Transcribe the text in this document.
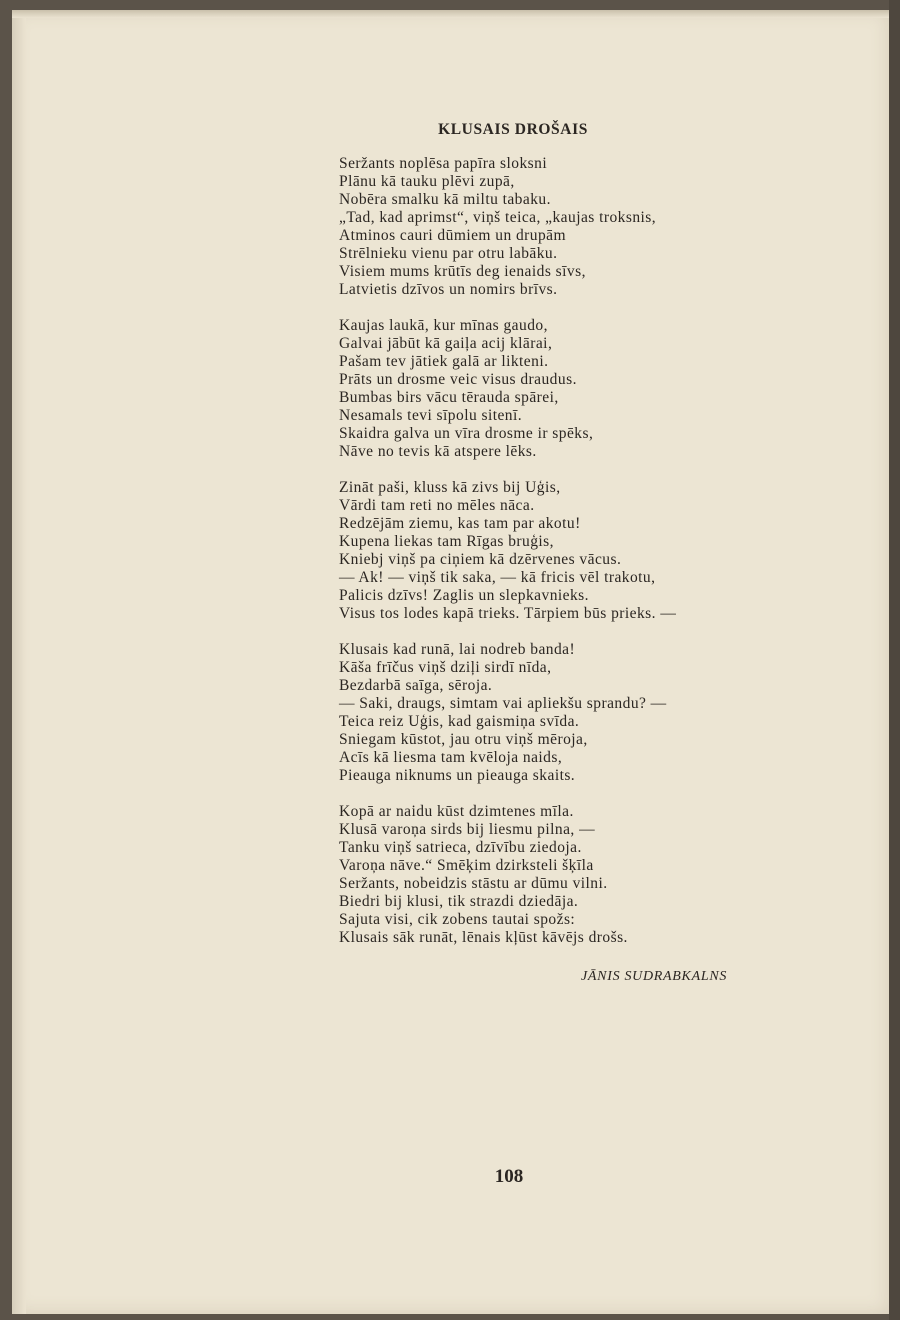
KLUSAIS DROŠAIS
Seržants noplēsa papīra sloksni
Plānu kā tauku plēvi zupā,
Nobēra smalku kā miltu tabaku.
„Tad, kad aprimst“, viņš teica, „kaujas troksnis,
Atminos cauri dūmiem un drupām
Strēlnieku vienu par otru labāku.
Visiem mums krūtīs deg ienaids sīvs,
Latvietis dzīvos un nomirs brīvs.
Kaujas laukā, kur mīnas gaudo,
Galvai jābūt kā gaiļa acij klārai,
Pašam tev jātiek galā ar likteni.
Prāts un drosme veic visus draudus.
Bumbas birs vācu tērauda spārei,
Nesamals tevi sīpolu sitenī.
Skaidra galva un vīra drosme ir spēks,
Nāve no tevis kā atspere lēks.
Zināt paši, kluss kā zivs bij Uģis,
Vārdi tam reti no mēles nāca.
Redzējām ziemu, kas tam par akotu!
Kupena liekas tam Rīgas bruģis,
Kniebj viņš pa ciņiem kā dzērvenes vācus.
— Ak! — viņš tik saka, — kā fricis vēl trakotu,
Palicis dzīvs! Zaglis un slepkavnieks.
Visus tos lodes kapā trieks. Tārpiem būs prieks. —
Klusais kad runā, lai nodreb banda!
Kāša frīčus viņš dziļi sirdī nīda,
Bezdarbā saīga, sēroja.
— Saki, draugs, simtam vai apliekšu sprandu? —
Teica reiz Uģis, kad gaismiņa svīda.
Sniegam kūstot, jau otru viņš mēroja,
Acīs kā liesma tam kvēloja naids,
Pieauga niknums un pieauga skaits.
Kopā ar naidu kūst dzimtenes mīla.
Klusā varoņa sirds bij liesmu pilna, —
Tanku viņš satrieca, dzīvību ziedoja.
Varoņa nāve.“ Smēķim dzirksteli šķīla
Seržants, nobeidzis stāstu ar dūmu vilni.
Biedri bij klusi, tik strazdi dziedāja.
Sajuta visi, cik zobens tautai spožs:
Klusais sāk runāt, lēnais kļūst kāvējs drošs.
JĀNIS SUDRABKALNS
108
